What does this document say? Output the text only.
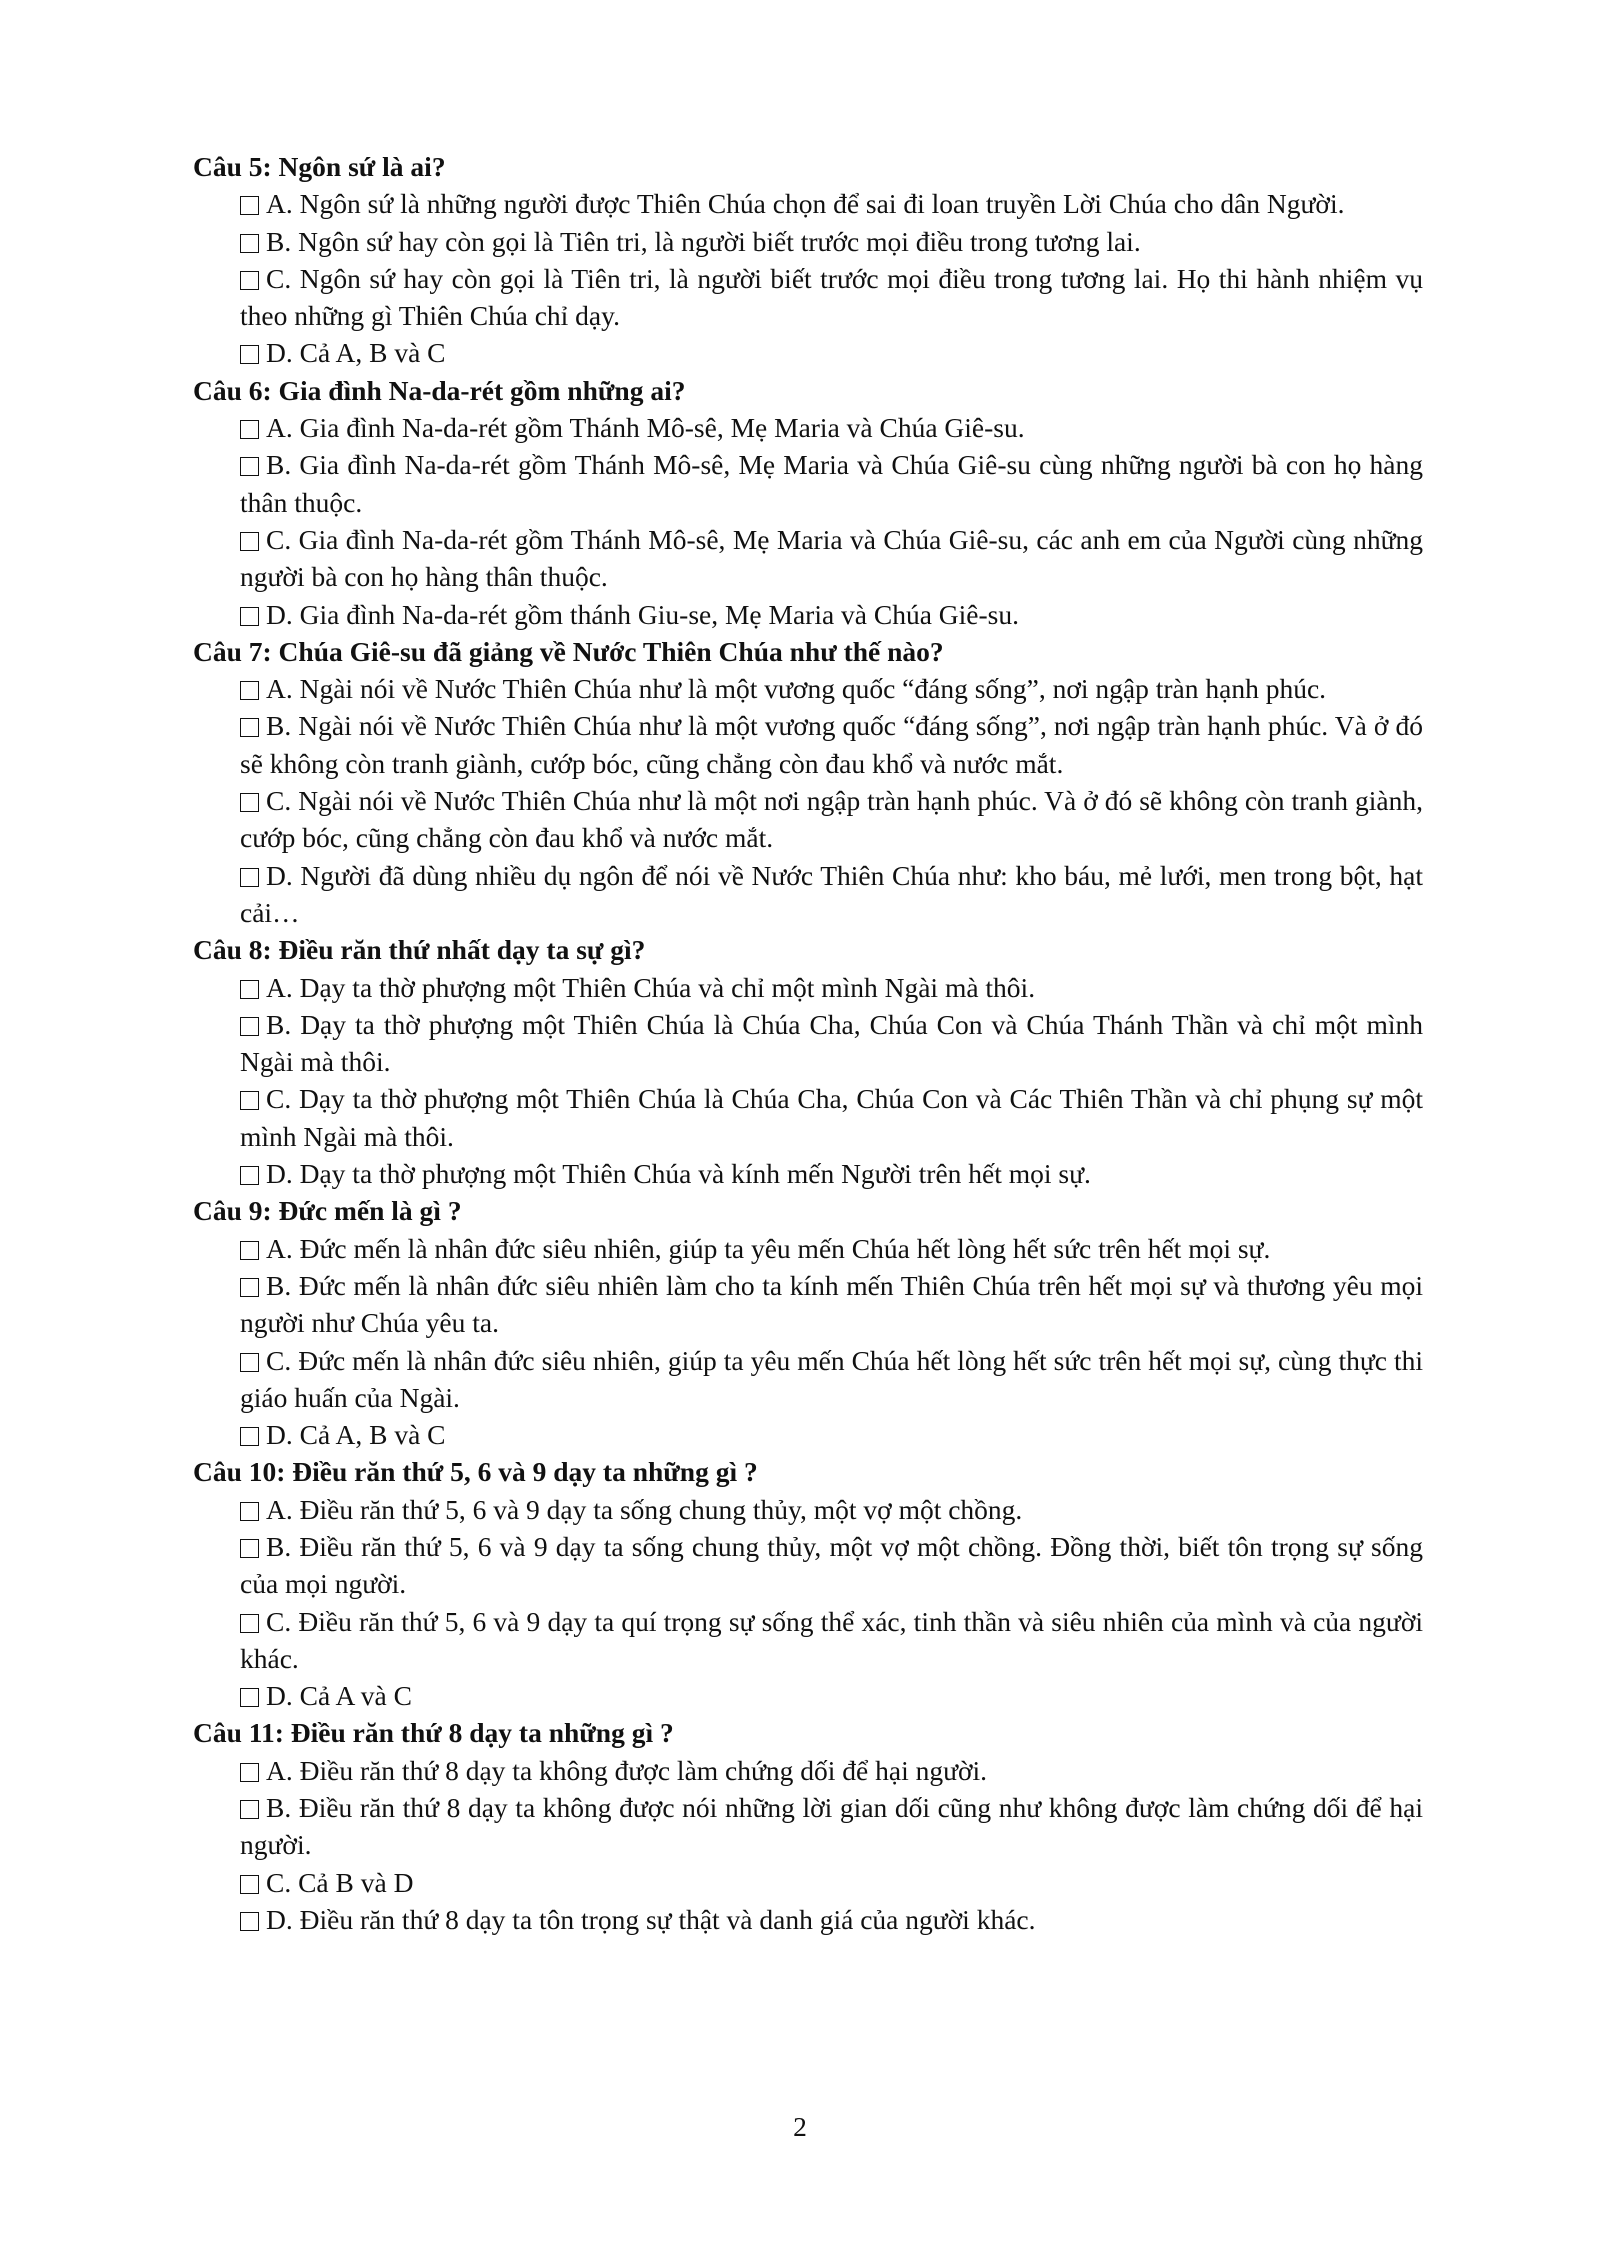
Câu 5: Ngôn sứ là ai?

A. Ngôn sứ là những người được Thiên Chúa chọn để sai đi loan truyền Lời Chúa cho dân Người.

B. Ngôn sứ hay còn gọi là Tiên tri, là người biết trước mọi điều trong tương lai.

C. Ngôn sứ hay còn gọi là Tiên tri, là người biết trước mọi điều trong tương lai. Họ thi hành nhiệm vụ theo những gì Thiên Chúa chỉ dạy.

D. Cả A, B và C

Câu 6: Gia đình Na-da-rét gồm những ai?

A. Gia đình Na-da-rét gồm Thánh Mô-sê, Mẹ Maria và Chúa Giê-su.

B. Gia đình Na-da-rét gồm Thánh Mô-sê, Mẹ Maria và Chúa Giê-su cùng những người bà con họ hàng thân thuộc.

C. Gia đình Na-da-rét gồm Thánh Mô-sê, Mẹ Maria và Chúa Giê-su, các anh em của Người cùng những người bà con họ hàng thân thuộc.

D. Gia đình Na-da-rét gồm thánh Giu-se, Mẹ Maria và Chúa Giê-su.

Câu 7: Chúa Giê-su đã giảng về Nước Thiên Chúa như thế nào?

A. Ngài nói về Nước Thiên Chúa như là một vương quốc “đáng sống”, nơi ngập tràn hạnh phúc.

B. Ngài nói về Nước Thiên Chúa như là một vương quốc “đáng sống”, nơi ngập tràn hạnh phúc. Và ở đó sẽ không còn tranh giành, cướp bóc, cũng chẳng còn đau khổ và nước mắt.

C. Ngài nói về Nước Thiên Chúa như là một nơi ngập tràn hạnh phúc. Và ở đó sẽ không còn tranh giành, cướp bóc, cũng chẳng còn đau khổ và nước mắt.

D. Người đã dùng nhiều dụ ngôn để nói về Nước Thiên Chúa như: kho báu, mẻ lưới, men trong bột, hạt cải…

Câu 8: Điều răn thứ nhất dạy ta sự gì?

A. Dạy ta thờ phượng một Thiên Chúa và chỉ một mình Ngài mà thôi.

B. Dạy ta thờ phượng một Thiên Chúa là Chúa Cha, Chúa Con và Chúa Thánh Thần và chỉ một mình Ngài mà thôi.

C. Dạy ta thờ phượng một Thiên Chúa là Chúa Cha, Chúa Con và Các Thiên Thần và chỉ phụng sự một mình Ngài mà thôi.

D. Dạy ta thờ phượng một Thiên Chúa và kính mến Người trên hết mọi sự.

Câu 9: Đức mến là gì ?

A. Đức mến là nhân đức siêu nhiên, giúp ta yêu mến Chúa hết lòng hết sức trên hết mọi sự.

B. Đức mến là nhân đức siêu nhiên làm cho ta kính mến Thiên Chúa trên hết mọi sự và thương yêu mọi người như Chúa yêu ta.

C. Đức mến là nhân đức siêu nhiên, giúp ta yêu mến Chúa hết lòng hết sức trên hết mọi sự, cùng thực thi giáo huấn của Ngài.

D. Cả A, B và C

Câu 10: Điều răn thứ 5, 6 và 9 dạy ta những gì ?

A. Điều răn thứ 5, 6 và 9 dạy ta sống chung thủy, một vợ một chồng.

B. Điều răn thứ 5, 6 và 9 dạy ta sống chung thủy, một vợ một chồng. Đồng thời, biết tôn trọng sự sống của mọi người.

C. Điều răn thứ 5, 6 và 9 dạy ta quí trọng sự sống thể xác, tinh thần và siêu nhiên của mình và của người khác.

D. Cả A và C

Câu 11: Điều răn thứ 8 dạy ta những gì ?

A. Điều răn thứ 8 dạy ta không được làm chứng dối để hại người.

B. Điều răn thứ 8 dạy ta không được nói những lời gian dối cũng như không được làm chứng dối để hại người.

C. Cả B và D

D. Điều răn thứ 8 dạy ta tôn trọng sự thật và danh giá của người khác.

2
